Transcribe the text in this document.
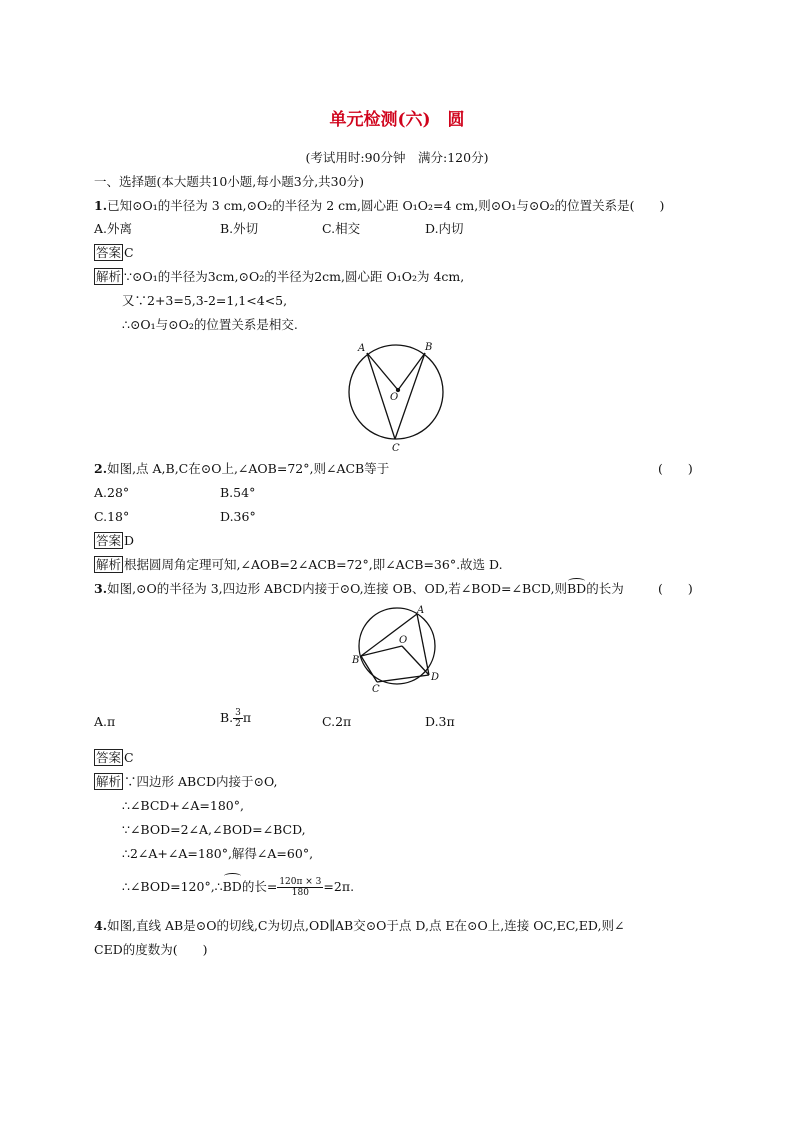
单元检测(六)　圆
(考试用时:90分钟　满分:120分)
一、选择题(本大题共10小题,每小题3分,共30分)
1.已知⊙O₁的半径为 3 cm,⊙O₂的半径为 2 cm,圆心距 O₁O₂=4 cm,则⊙O₁与⊙O₂的位置关系是(　　)
A.外离	B.外切	C.相交	D.内切
答案 C
解析 ∵⊙O₁的半径为3cm,⊙O₂的半径为2cm,圆心距 O₁O₂为 4cm,
又∵2+3=5,3-2=1,1<4<5,
∴⊙O₁与⊙O₂的位置关系是相交.
A	B
O
C
2.如图,点 A,B,C在⊙O上,∠AOB=72°,则∠ACB等于	(　　)
A.28°	B.54°
C.18°	D.36°
答案 D
解析 根据圆周角定理可知,∠AOB=2∠ACB=72°,即∠ACB=36°.故选 D.
3.如图,⊙O的半径为 3,四边形 ABCD内接于⊙O,连接 OB、OD,若∠BOD=∠BCD,则BD的长为	(　　)
A
O
B
C
D
A.π	B. $\frac{3}{2}$ π	C.2π	D.3π
答案 C
解析 ∵四边形 ABCD内接于⊙O,
∴∠BCD+∠A=180°,
∵∠BOD=2∠A,∠BOD=∠BCD,
∴2∠A+∠A=180°,解得∠A=60°,
∴∠BOD=120°,∴BD的长= $\frac{120\pi \times 3}{180} =2\pi$.
4.如图,直线 AB是⊙O的切线,C为切点,OD∥AB交⊙O于点 D,点 E在⊙O上,连接 OC,EC,ED,则∠
CED的度数为(　　)
